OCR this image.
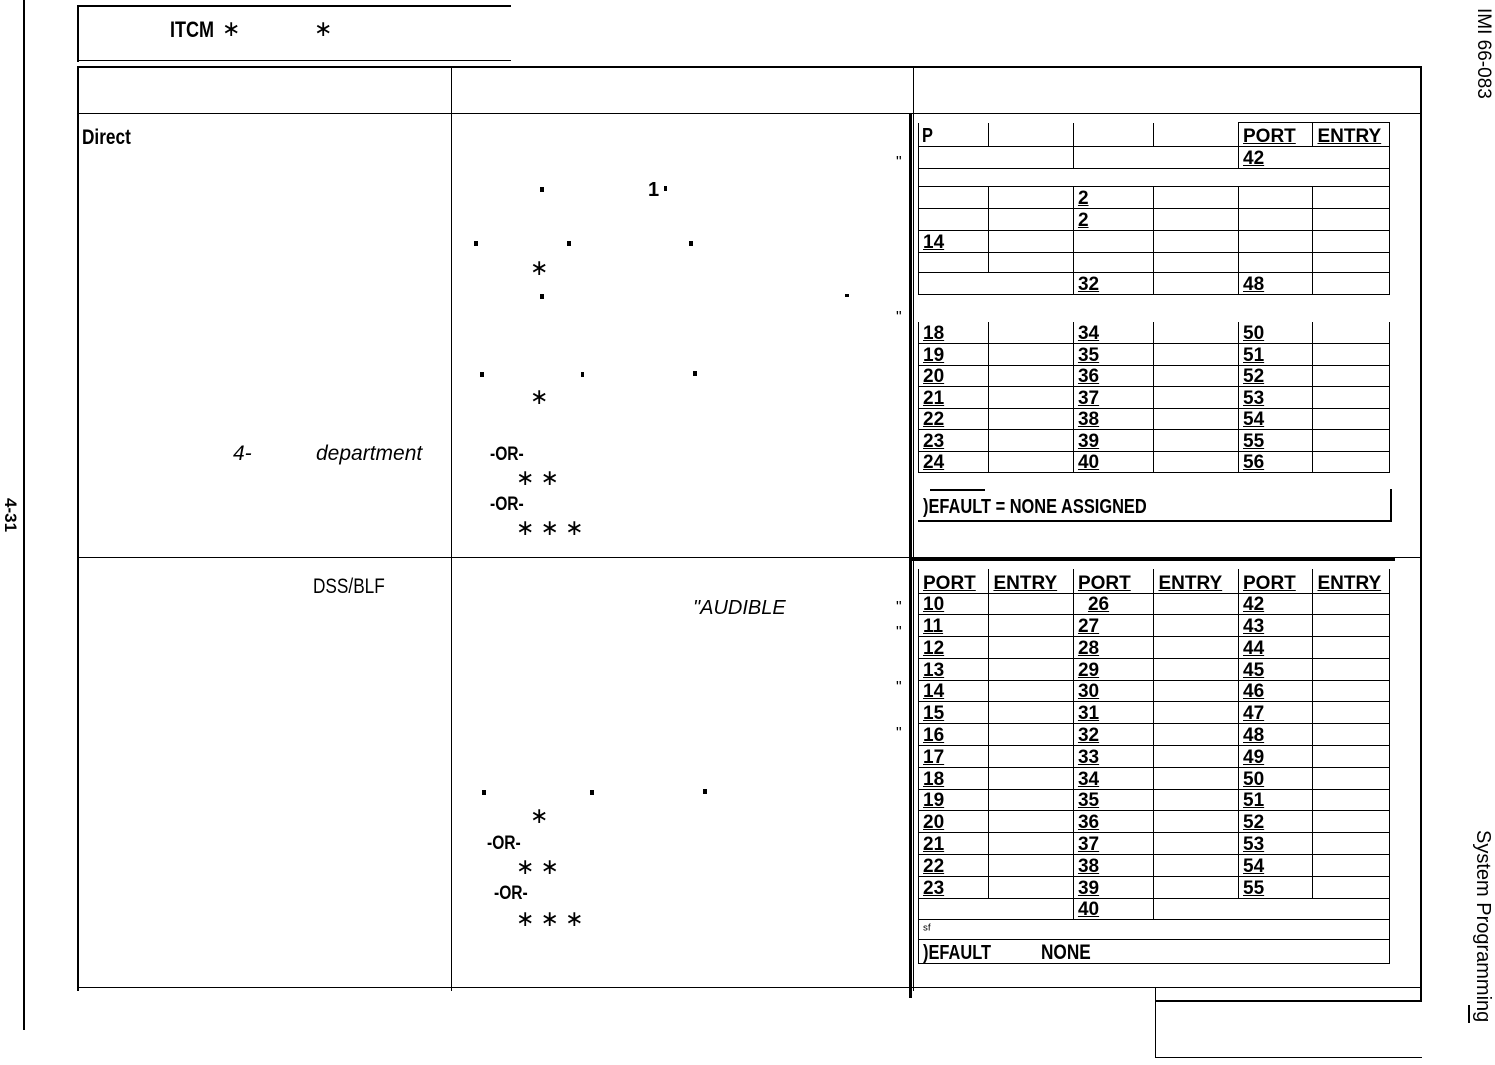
4-31
IMI 66-083
System Programming
ITCM ∗	∗
Direct
4-	department
"
1
∗
"
∗
-OR-
∗ ∗
-OR-
∗ ∗ ∗
P
					PORT	ENTRY
				42	

		2			
		2			
14					

		32		48	
18		34		50	
19		35		51	
20		36		52	
21		37		53	
22		38		54	
23		39		55	
24		40		56	
)EFAULT = NONE ASSIGNED
DSS/BLF
"AUDIBLE	"
"
"
"
∗
-OR-
∗ ∗
-OR-
∗ ∗ ∗
PORT	ENTRY	PORT	ENTRY	PORT	ENTRY
10		26		42	
11		27		43	
12		28		44	
13		29		45	
14		30		46	
15		31		47	
16		32		48	
17		33		49	
18		34		50	
19		35		51	
20		36		52	
21		37		53	
22		38		54	
23		39		55	
		40			
ˢᶠ					

)EFAULT NONE
